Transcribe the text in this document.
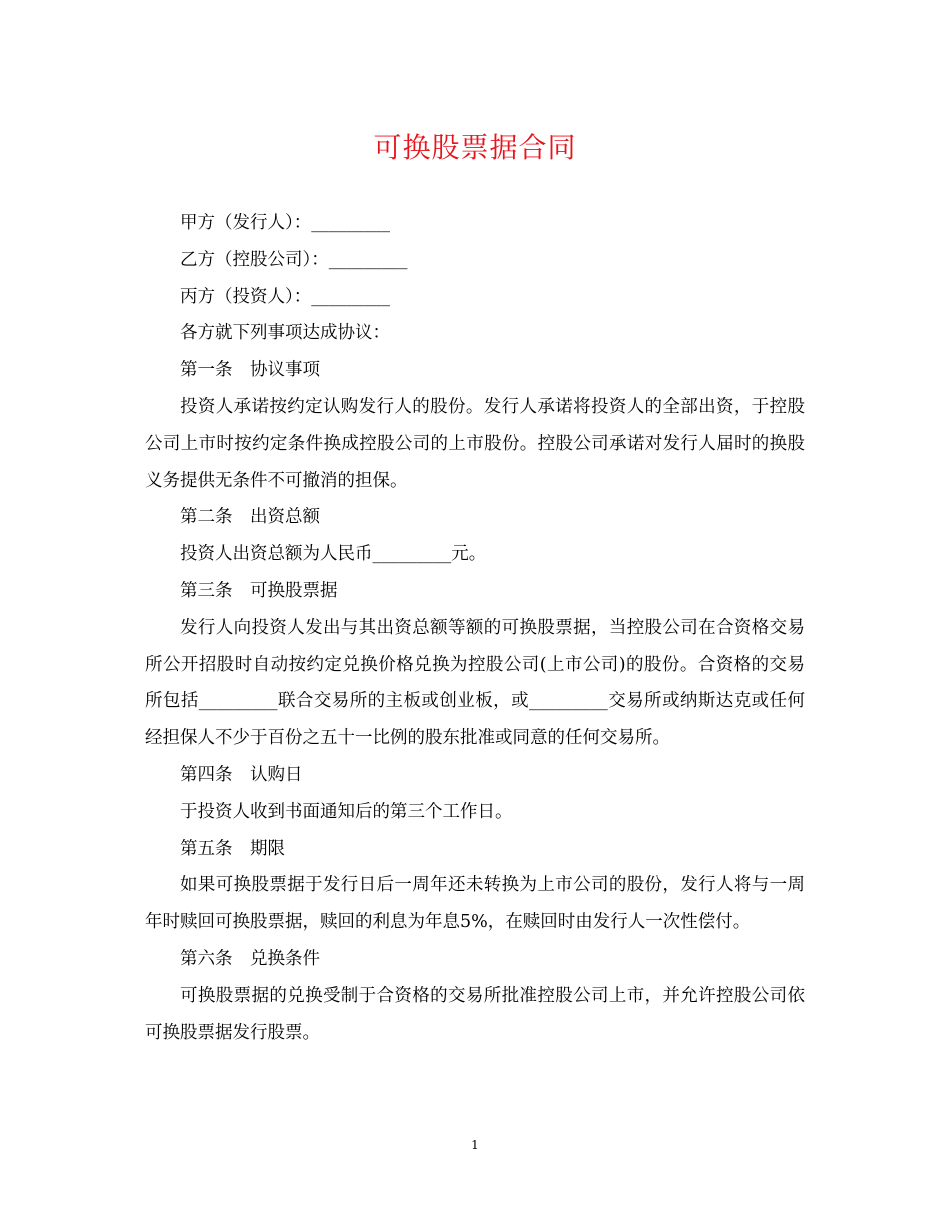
可换股票据合同

甲方（发行人）：_________

乙方（控股公司）：_________

丙方（投资人）：_________

各方就下列事项达成协议：

第一条　协议事项

投资人承诺按约定认购发行人的股份。发行人承诺将投资人的全部出资，于控股公司上市时按约定条件换成控股公司的上市股份。控股公司承诺对发行人届时的换股义务提供无条件不可撤消的担保。

第二条　出资总额

投资人出资总额为人民币_________元。

第三条　可换股票据

发行人向投资人发出与其出资总额等额的可换股票据，当控股公司在合资格交易所公开招股时自动按约定兑换价格兑换为控股公司(上市公司)的股份。合资格的交易所包括_________联合交易所的主板或创业板，或_________交易所或纳斯达克或任何经担保人不少于百份之五十一比例的股东批准或同意的任何交易所。

第四条　认购日

于投资人收到书面通知后的第三个工作日。

第五条　期限

如果可换股票据于发行日后一周年还未转换为上市公司的股份，发行人将与一周年时赎回可换股票据，赎回的利息为年息5%，在赎回时由发行人一次性偿付。

第六条　兑换条件

可换股票据的兑换受制于合资格的交易所批准控股公司上市，并允许控股公司依可换股票据发行股票。

1
